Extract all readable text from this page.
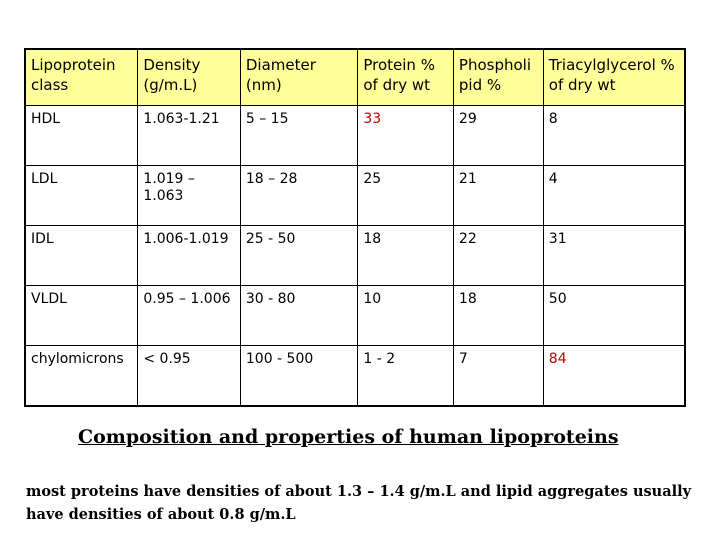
Lipoprotein class	Density (g/m.L)	Diameter (nm)	Protein % of dry wt	Phospholi pid %	Triacylglycerol % of dry wt
HDL	1.063-1.21	5 – 15	33	29	8
LDL	1.019 – 1.063	18 – 28	25	21	4
IDL	1.006-1.019	25 - 50	18	22	31
VLDL	0.95 – 1.006	30 - 80	10	18	50
chylomicrons	< 0.95	100 - 500	1 - 2	7	84
Composition and properties of human lipoproteins
most proteins have densities of about 1.3 – 1.4 g/m.L and lipid aggregates usually have densities of about 0.8 g/m.L
